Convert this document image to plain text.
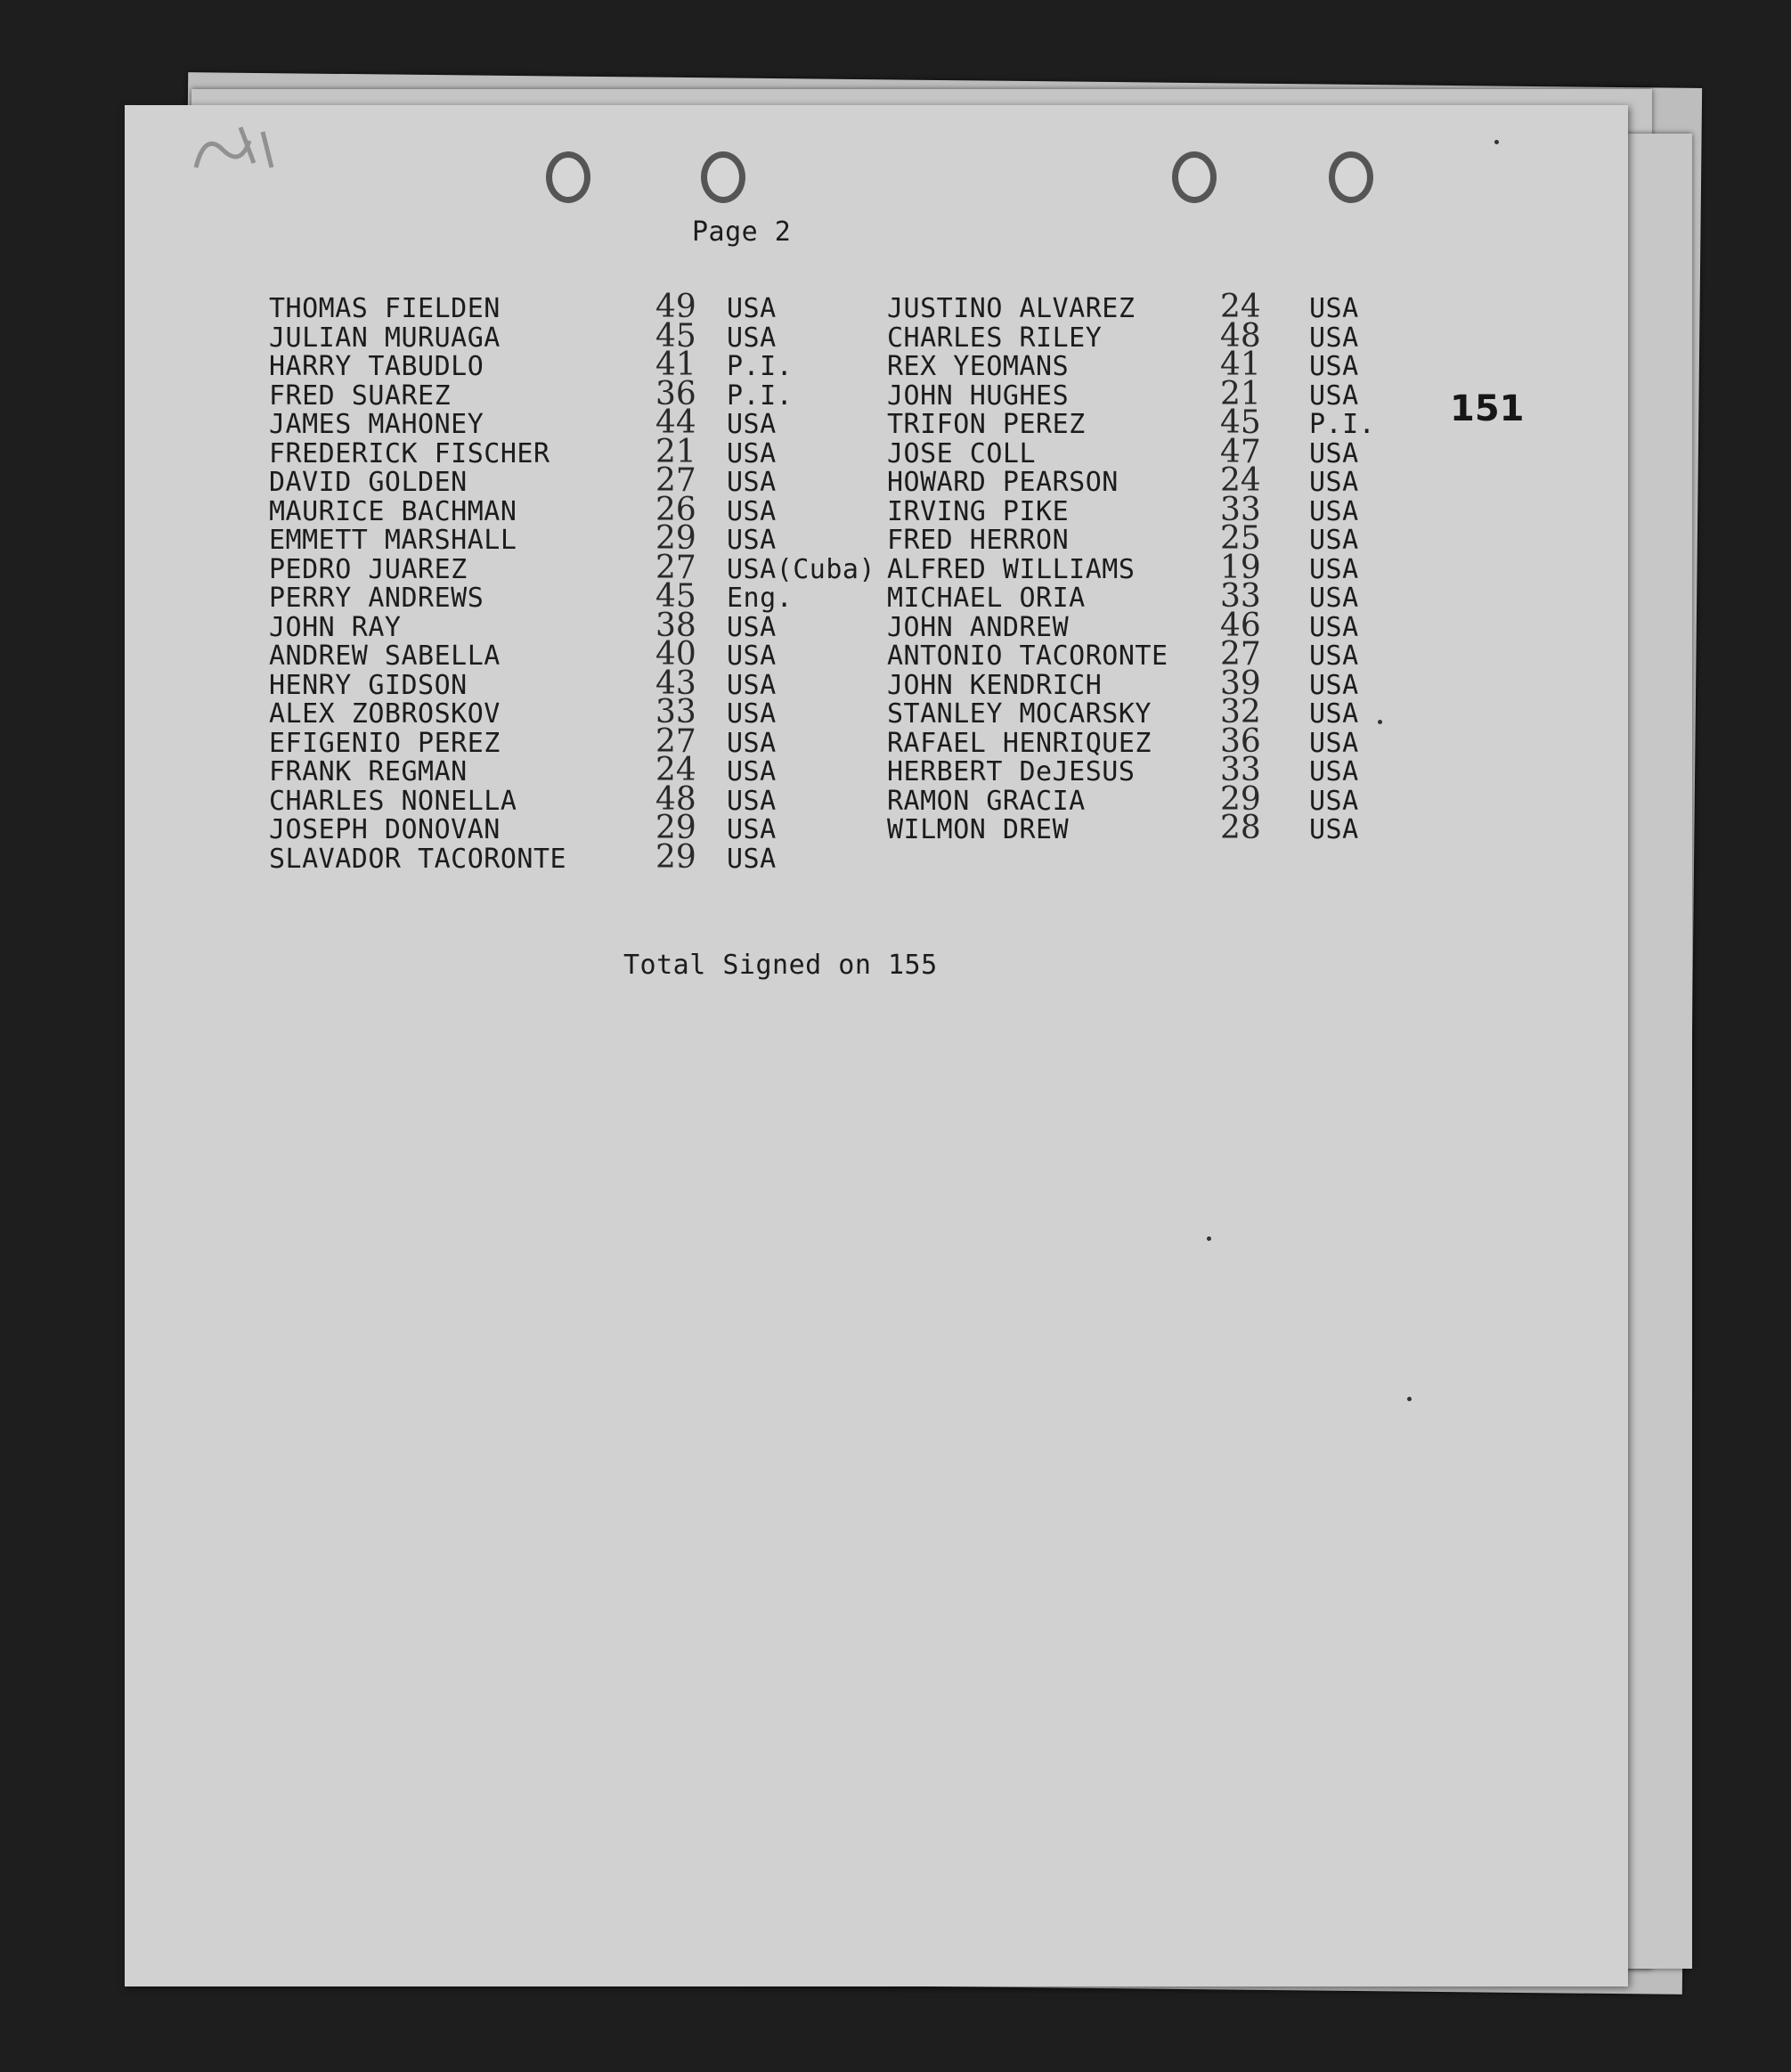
Page 2
151
THOMAS FIELDEN	49 USA
JULIAN MURUAGA	45 USA
HARRY TABUDLO	41 P.I.
FRED SUAREZ	36 P.I.
JAMES MAHONEY	44 USA
FREDERICK FISCHER	21 USA
DAVID GOLDEN	27 USA
MAURICE BACHMAN	26 USA
EMMETT MARSHALL	29 USA
PEDRO JUAREZ	27 USA(Cuba)
PERRY ANDREWS	45 Eng.
JOHN RAY	38 USA
ANDREW SABELLA	40 USA
HENRY GIDSON	43 USA
ALEX ZOBROSKOV	33 USA
EFIGENIO PEREZ	27 USA
FRANK REGMAN	24 USA
CHARLES NONELLA	48 USA
JOSEPH DONOVAN	29 USA
SLAVADOR TACORONTE	29 USA
JUSTINO ALVAREZ	24 USA
CHARLES RILEY	48 USA
REX YEOMANS	41 USA
JOHN HUGHES	21 USA
TRIFON PEREZ	45 P.I.
JOSE COLL	47 USA
HOWARD PEARSON	24 USA
IRVING PIKE	33 USA
FRED HERRON	25 USA
ALFRED WILLIAMS	19 USA
MICHAEL ORIA	33 USA
JOHN ANDREW	46 USA
ANTONIO TACORONTE 27 USA
JOHN KENDRICH	39 USA
STANLEY MOCARSKY 32 USA
RAFAEL HENRIQUEZ 36 USA
HERBERT DeJESUS	33 USA
RAMON GRACIA	29 USA
WILMON DREW	28 USA
Total Signed on 155
